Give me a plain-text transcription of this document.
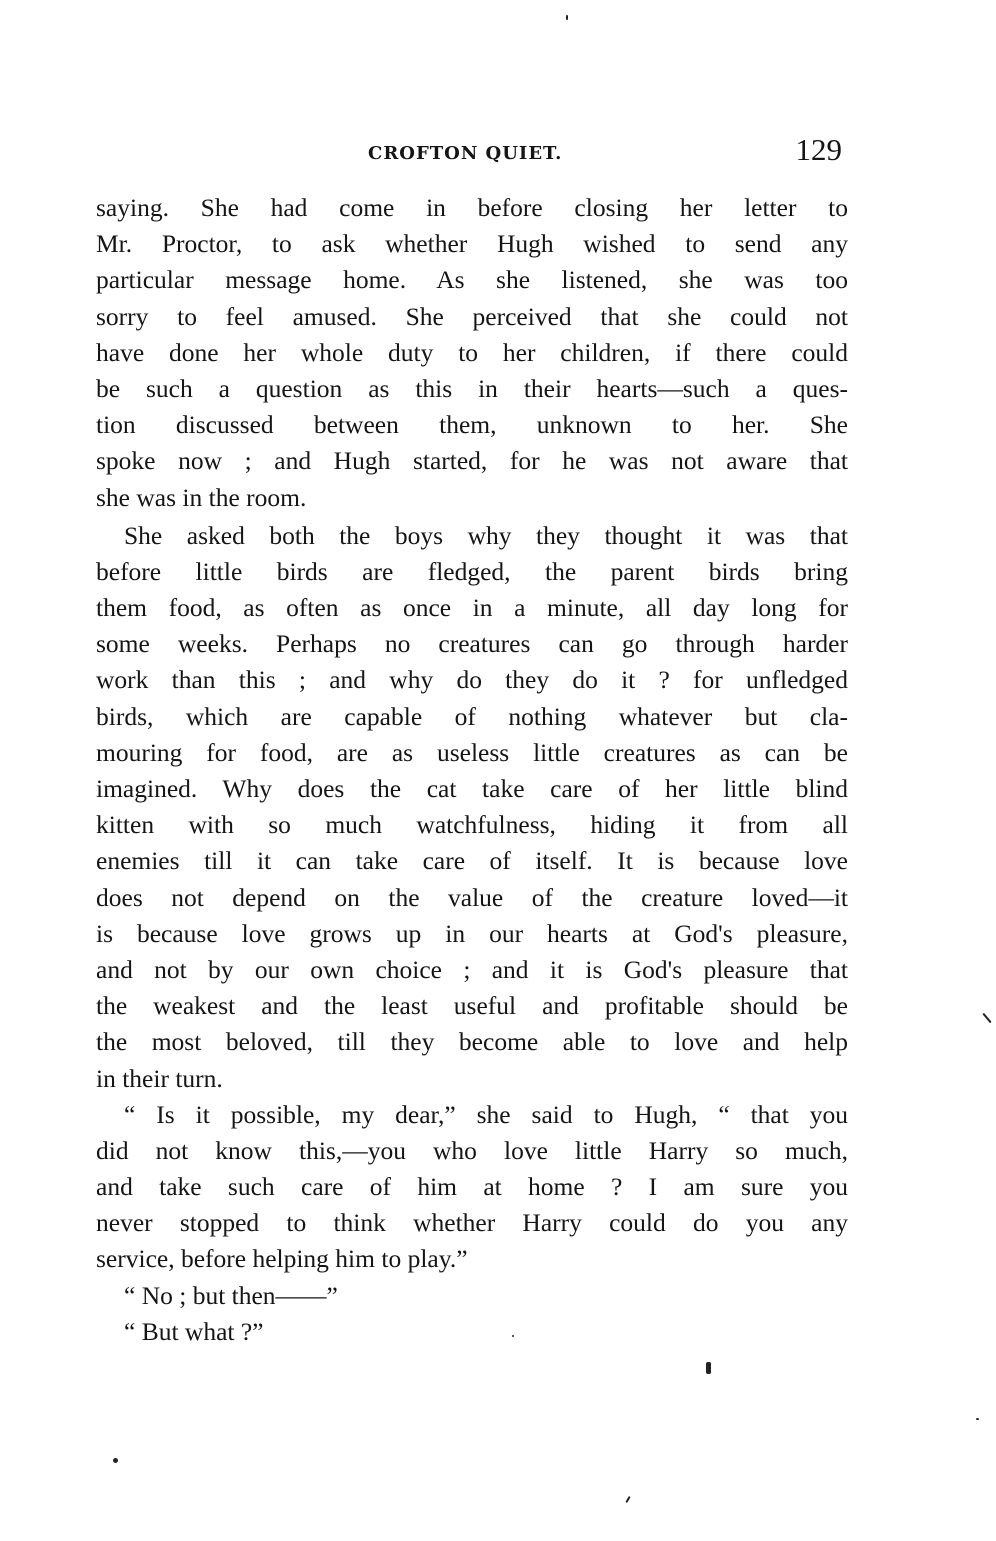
CROFTON QUIET.	129
saying. She had come in before closing her letter to
Mr. Proctor, to ask whether Hugh wished to send any
particular message home. As she listened, she was too
sorry to feel amused. She perceived that she could not
have done her whole duty to her children, if there could
be such a question as this in their hearts—such a ques-
tion discussed between them, unknown to her. She
spoke now ; and Hugh started, for he was not aware that
she was in the room.
She asked both the boys why they thought it was that
before little birds are fledged, the parent birds bring
them food, as often as once in a minute, all day long for
some weeks. Perhaps no creatures can go through harder
work than this ; and why do they do it ? for unfledged
birds, which are capable of nothing whatever but cla-
mouring for food, are as useless little creatures as can be
imagined. Why does the cat take care of her little blind
kitten with so much watchfulness, hiding it from all
enemies till it can take care of itself. It is because love
does not depend on the value of the creature loved—it
is because love grows up in our hearts at God's pleasure,
and not by our own choice ; and it is God's pleasure that
the weakest and the least useful and profitable should be
the most beloved, till they become able to love and help
in their turn.
“ Is it possible, my dear,” she said to Hugh, “ that you
did not know this,—you who love little Harry so much,
and take such care of him at home ? I am sure you
never stopped to think whether Harry could do you any
service, before helping him to play.”
“ No ; but then——”
“ But what ?”
